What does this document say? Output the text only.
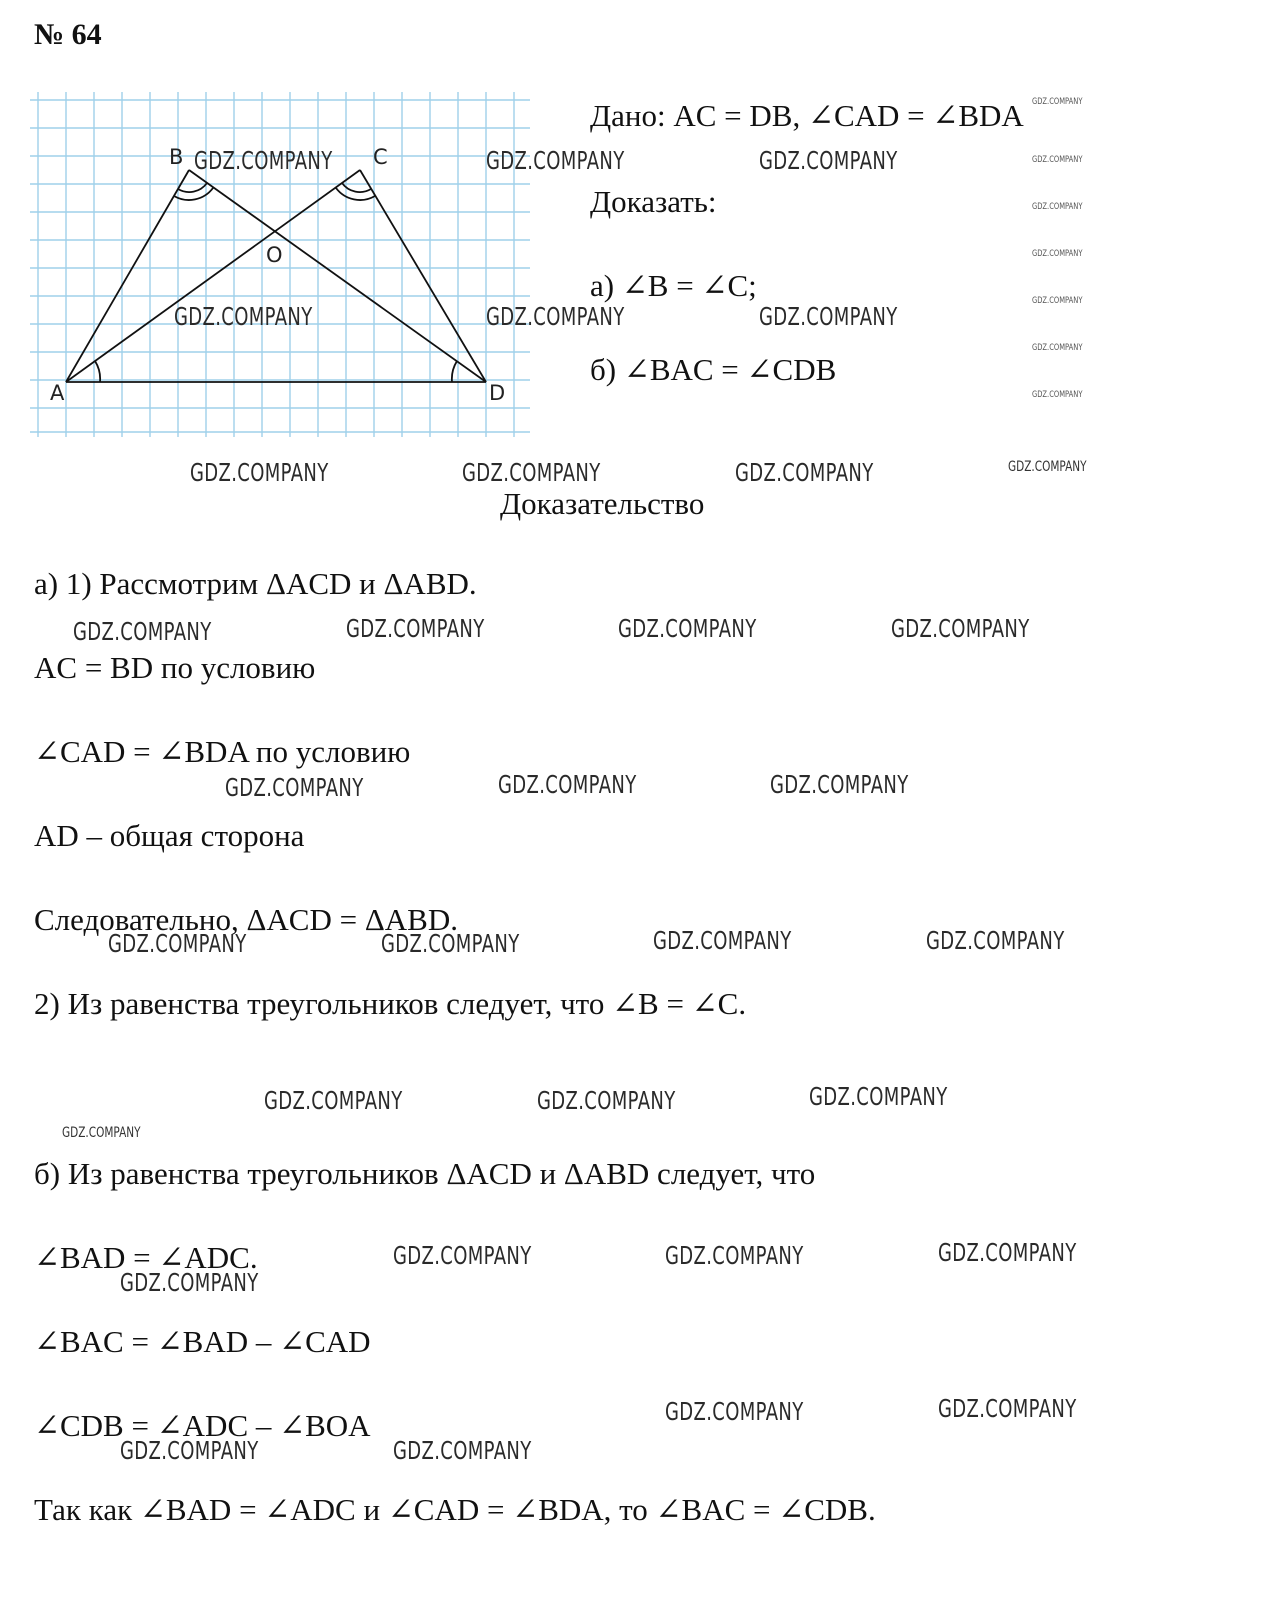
№ 64
A
B	C
D
O
Дано: AC = DB, ∠CAD = ∠BDA
Доказать:
а) ∠B = ∠C;
б) ∠BAC = ∠CDB
Доказательство
а) 1) Рассмотрим ΔACD и ΔABD.
AC = BD по условию
∠CAD = ∠BDA по условию
AD – общая сторона
Следовательно, ΔACD = ΔABD.
2) Из равенства треугольников следует, что ∠B = ∠C.
б) Из равенства треугольников ΔACD и ΔABD следует, что
∠BAD = ∠ADC.
∠BAC = ∠BAD – ∠CAD
∠CDB = ∠ADC – ∠BOA
Так как ∠BAD = ∠ADC и ∠CAD = ∠BDA, то ∠BAC = ∠CDB.
GDZ.COMPANY	GDZ.COMPANY	GDZ.COMPANY
GDZ.COMPANY	GDZ.COMPANY	GDZ.COMPANY
GDZ.COMPANY	GDZ.COMPANY	GDZ.COMPANY
GDZ.COMPANY	GDZ.COMPANY	GDZ.COMPANY	GDZ.COMPANY
GDZ.COMPANY	GDZ.COMPANY	GDZ.COMPANY
GDZ.COMPANY	GDZ.COMPANY	GDZ.COMPANY	GDZ.COMPANY
GDZ.COMPANY	GDZ.COMPANY	GDZ.COMPANY
GDZ.COMPANY	GDZ.COMPANY	GDZ.COMPANY
GDZ.COMPANY
GDZ.COMPANY	GDZ.COMPANY
GDZ.COMPANY	GDZ.COMPANY
GDZ.COMPANY
GDZ.COMPANY
GDZ.COMPANY
GDZ.COMPANY
GDZ.COMPANY
GDZ.COMPANY
GDZ.COMPANY
GDZ.COMPANY
GDZ.COMPANY
